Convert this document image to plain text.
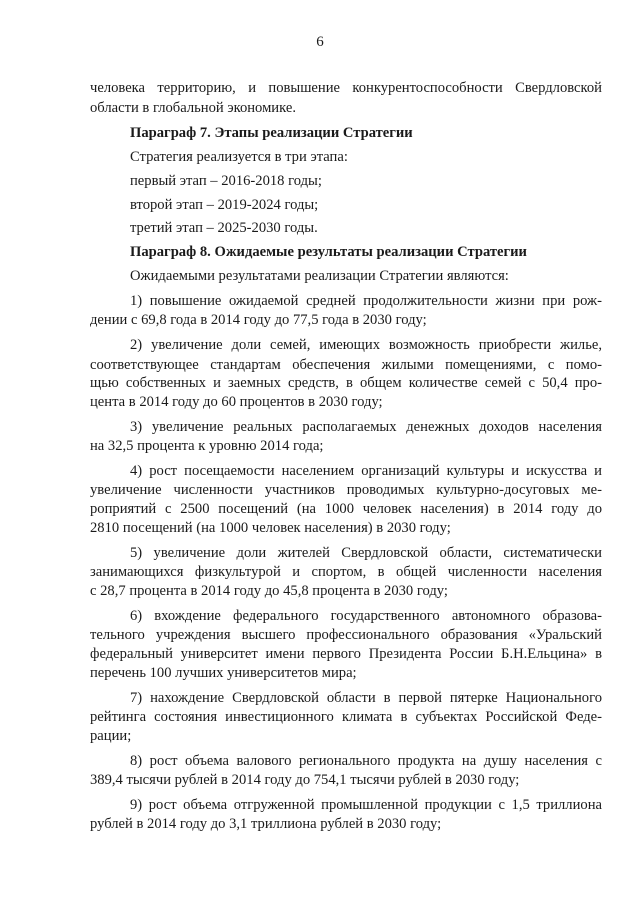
6
человека территорию, и повышение конкурентоспособности Свердловской
области в глобальной экономике.
Параграф 7. Этапы реализации Стратегии
Стратегия реализуется в три этапа:
первый этап – 2016-2018 годы;
второй этап – 2019-2024 годы;
третий этап – 2025-2030 годы.
Параграф 8. Ожидаемые результаты реализации Стратегии
Ожидаемыми результатами реализации Стратегии являются:
1) повышение ожидаемой средней продолжительности жизни при рож-
дении с 69,8 года в 2014 году до 77,5 года в 2030 году;
2) увеличение доли семей, имеющих возможность приобрести жилье,
соответствующее стандартам обеспечения жилыми помещениями, с помо-
щью собственных и заемных средств, в общем количестве семей с 50,4 про-
цента в 2014 году до 60 процентов в 2030 году;
3) увеличение реальных располагаемых денежных доходов населения
на 32,5 процента к уровню 2014 года;
4) рост посещаемости населением организаций культуры и искусства и
увеличение численности участников проводимых культурно-досуговых ме-
роприятий с 2500 посещений (на 1000 человек населения) в 2014 году до
2810 посещений (на 1000 человек населения) в 2030 году;
5) увеличение доли жителей Свердловской области, систематически
занимающихся физкультурой и спортом, в общей численности населения
с 28,7 процента в 2014 году до 45,8 процента в 2030 году;
6) вхождение федерального государственного автономного образова-
тельного учреждения высшего профессионального образования «Уральский
федеральный университет имени первого Президента России Б.Н.Ельцина» в
перечень 100 лучших университетов мира;
7) нахождение Свердловской области в первой пятерке Национального
рейтинга состояния инвестиционного климата в субъектах Российской Феде-
рации;
8) рост объема валового регионального продукта на душу населения с
389,4 тысячи рублей в 2014 году до 754,1 тысячи рублей в 2030 году;
9) рост объема отгруженной промышленной продукции с 1,5 триллиона
рублей в 2014 году до 3,1 триллиона рублей в 2030 году;
